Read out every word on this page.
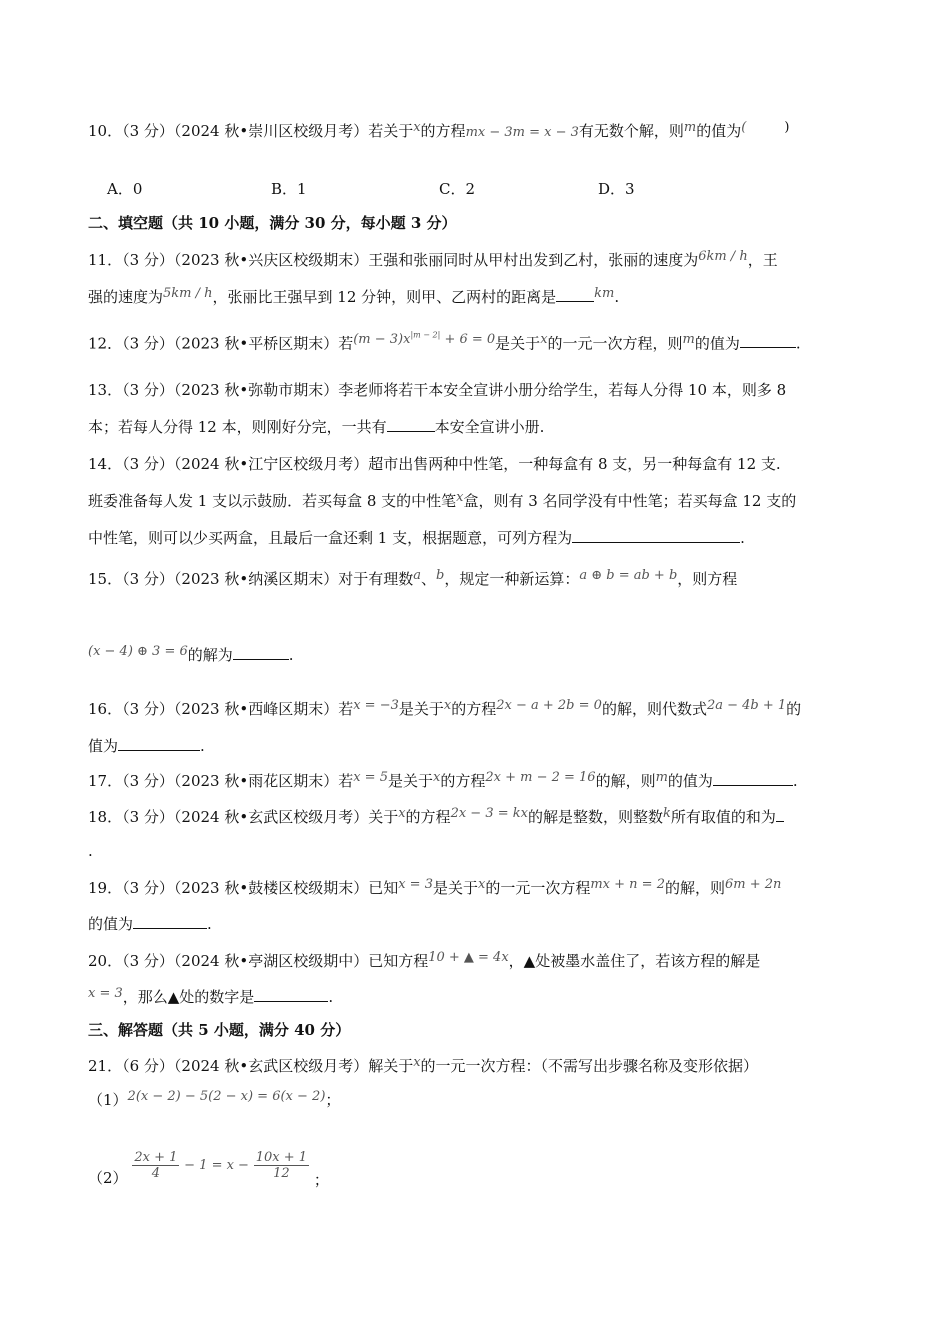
10．（3 分）（2024 秋•崇川区校级月考）若关于x的方程mx − 3m = x − 3有无数个解，则m的值为(	)
A．0	B．1	C．2	D．3
二、填空题（共 10 小题，满分 30 分，每小题 3 分）
11．（3 分）（2023 秋•兴庆区校级期末）王强和张丽同时从甲村出发到乙村，张丽的速度为6km / h，王
强的速度为5km / h，张丽比王强早到 12 分钟，则甲、乙两村的距离是	km.
12．（3 分）（2023 秋•平桥区期末）若$(m - 3)x^{|m - 2|} + 6 = 0$是关于x的一元一次方程，则m的值为	.
13．（3 分）（2023 秋•弥勒市期末）李老师将若干本安全宣讲小册分给学生，若每人分得 10 本，则多 8
本；若每人分得 12 本，则刚好分完，一共有	本安全宣讲小册.
14．（3 分）（2024 秋•江宁区校级月考）超市出售两种中性笔，一种每盒有 8 支，另一种每盒有 12 支.
班委准备每人发 1 支以示鼓励．若买每盒 8 支的中性笔x盒，则有 3 名同学没有中性笔；若买每盒 12 支的
中性笔，则可以少买两盒，且最后一盒还剩 1 支，根据题意，可列方程为	.
15．（3 分）（2023 秋•纳溪区期末）对于有理数a、b，规定一种新运算：a ⊕ b = ab + b，则方程
(x − 4) ⊕ 3 = 6的解为	.
16．（3 分）（2023 秋•西峰区期末）若x = −3是关于x的方程2x − a + 2b = 0的解，则代数式2a − 4b + 1的
值为	.
17．（3 分）（2023 秋•雨花区期末）若x = 5是关于x的方程2x + m − 2 = 16的解，则m的值为	.
18．（3 分）（2024 秋•玄武区校级月考）关于x的方程2x − 3 = kx的解是整数，则整数k所有取值的和为
.
19．（3 分）（2023 秋•鼓楼区校级期末）已知x = 3是关于x的一元一次方程mx + n = 2的解，则6m + 2n
的值为	.
20．（3 分）（2024 秋•亭湖区校级期中）已知方程10 + ▲ = 4x，▲处被墨水盖住了，若该方程的解是
x = 3，那么▲处的数字是	.
三、解答题（共 5 小题，满分 40 分）
21．（6 分）（2024 秋•玄武区校级月考）解关于x的一元一次方程：（不需写出步骤名称及变形依据）
（1）2(x − 2) − 5(2 − x) = 6(x − 2)；
$(2) \frac{2x + 1}{4} - 1 = x - \frac{10x + 1}{12}$ ；
